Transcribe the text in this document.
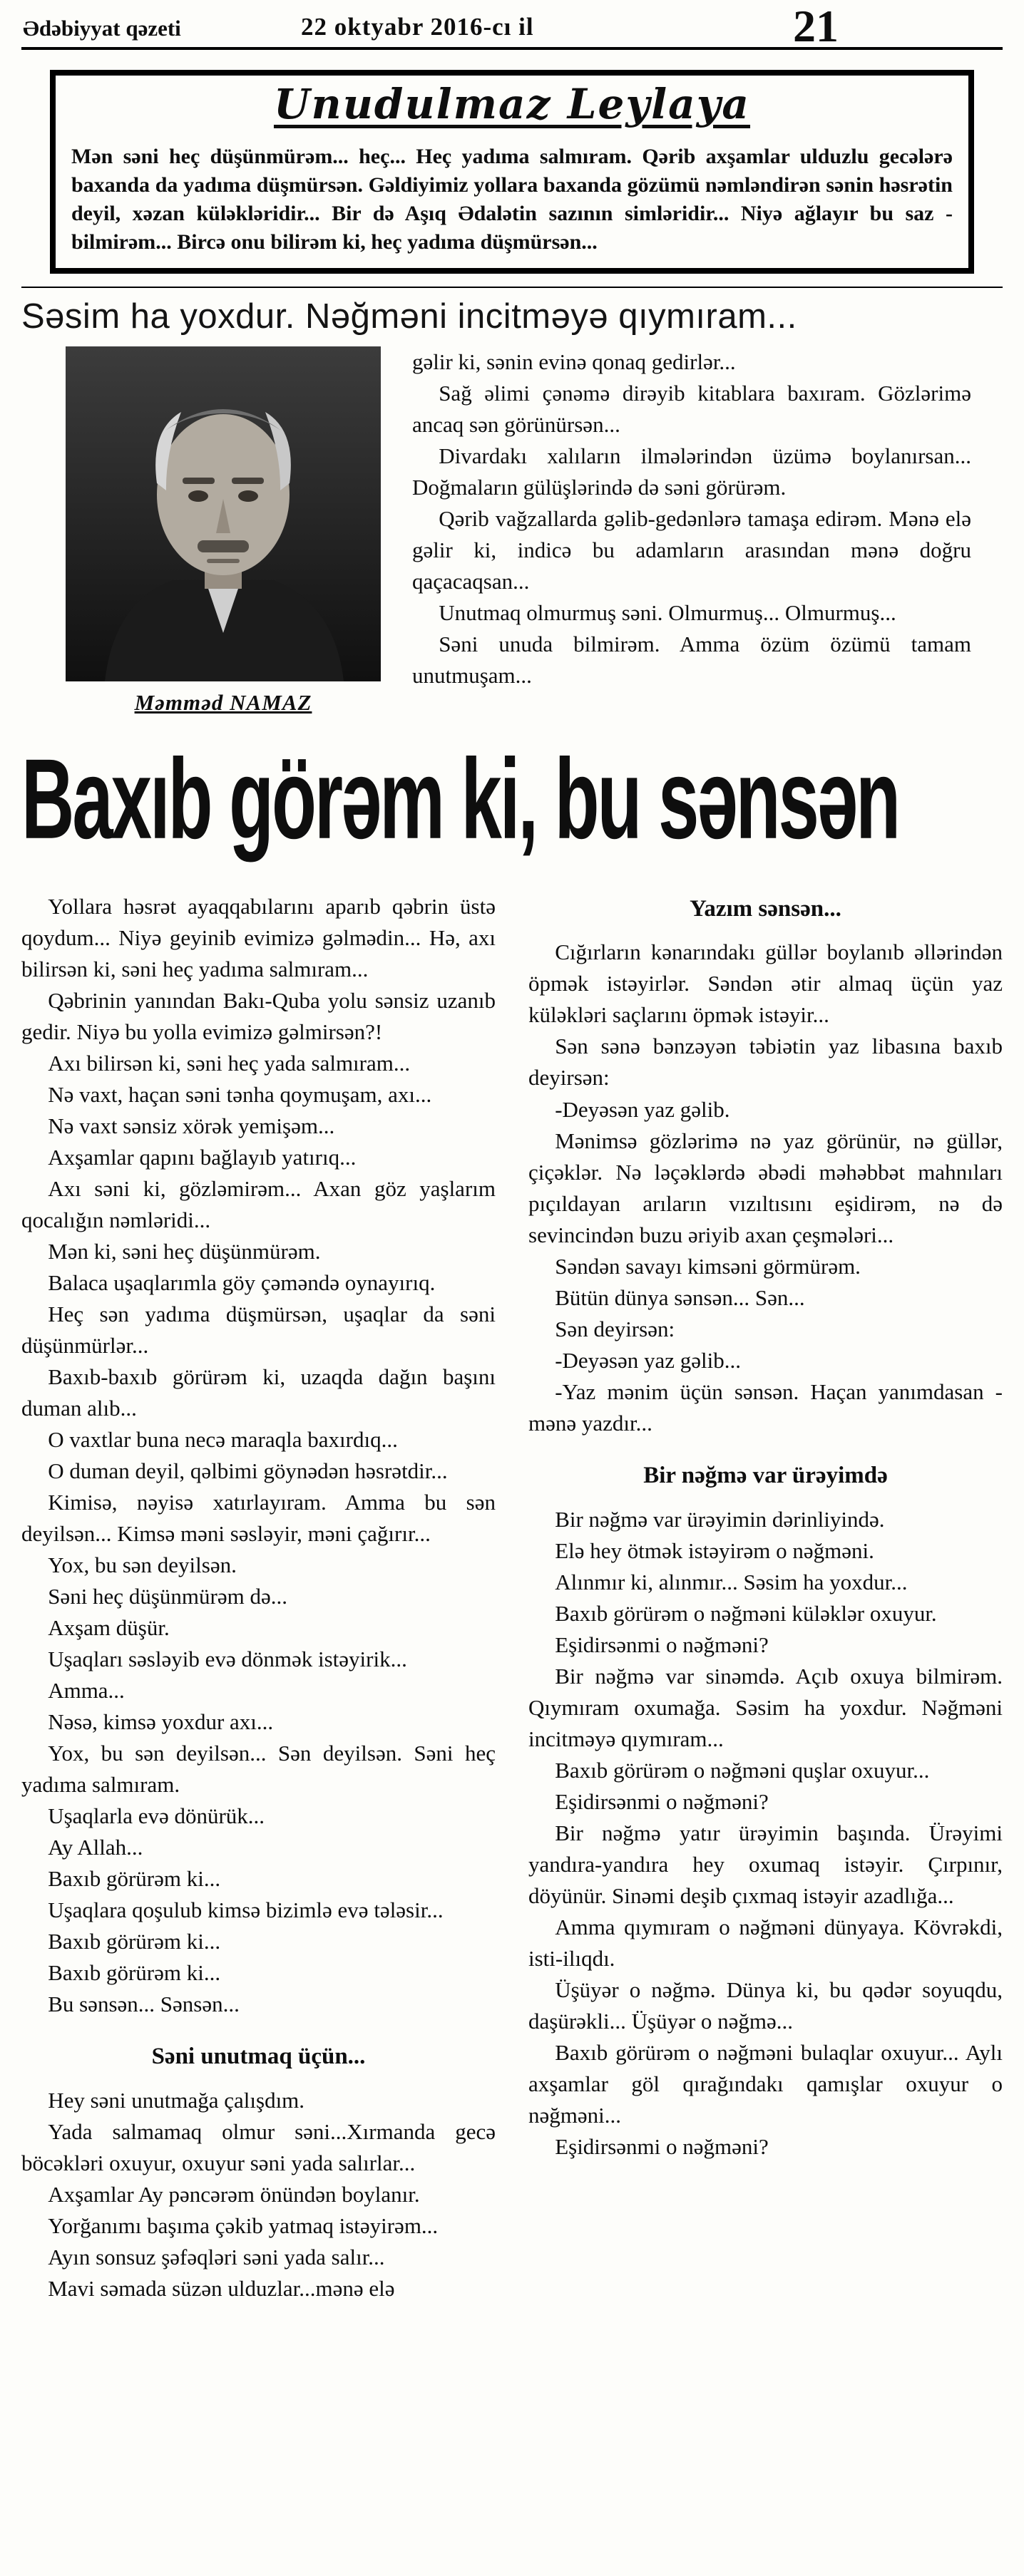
Ədəbiyyat qəzeti	22 oktyabr 2016-cı il	21
Unudulmaz Leylaya

Mən səni heç düşünmürəm... heç... Heç yadıma salmıram. Qərib axşamlar ulduzlu gecələrə baxanda da yadıma düşmürsən. Gəldiyimiz yollara baxanda gözümü nəmləndirən sənin həsrətin deyil, xəzan küləkləridir... Bir də Aşıq Ədalətin sazının simləridir... Niyə ağlayır bu saz - bilmirəm... Bircə onu bilirəm ki, heç yadıma düşmürsən...

Səsim ha yoxdur. Nəğməni incitməyə qıymıram...
Məmməd NAMAZ

gəlir ki, sənin evinə qonaq gedirlər...

Sağ əlimi çənəmə dirəyib kitablara baxıram. Gözlərimə ancaq sən görünürsən...

Divardakı xalıların ilmələrindən üzümə boylanırsan... Doğmaların gülüşlərində də səni görürəm.

Qərib vağzallarda gəlib-gedənlərə tamaşa edirəm. Mənə elə gəlir ki, indicə bu adamların arasından mənə doğru qaçacaqsan...

Unutmaq olmurmuş səni. Olmurmuş... Olmurmuş...

Səni unuda bilmirəm. Amma özüm özümü tamam unutmuşam...

Baxıb görəm ki, bu sənsən

Yollara həsrət ayaqqabılarını aparıb qəbrin üstə qoydum... Niyə geyinib evimizə gəlmədin... Hə, axı bilirsən ki, səni heç yadıma salmıram...

Qəbrinin yanından Bakı-Quba yolu sənsiz uzanıb gedir. Niyə bu yolla evimizə gəlmirsən?!

Axı bilirsən ki, səni heç yada salmıram...

Nə vaxt, haçan səni tənha qoymuşam, axı...

Nə vaxt sənsiz xörək yemişəm...

Axşamlar qapını bağlayıb yatırıq...

Axı səni ki, gözləmirəm... Axan göz yaşlarım qocalığın nəmləridi...

Mən ki, səni heç düşünmürəm.

Balaca uşaqlarımla göy çəməndə oynayırıq.

Heç sən yadıma düşmürsən, uşaqlar da səni düşünmürlər...

Baxıb-baxıb görürəm ki, uzaqda dağın başını duman alıb...

O vaxtlar buna necə maraqla baxırdıq...

O duman deyil, qəlbimi göynədən həsrətdir...

Kimisə, nəyisə xatırlayıram. Amma bu sən deyilsən... Kimsə məni səsləyir, məni çağırır...

Yox, bu sən deyilsən.

Səni heç düşünmürəm də...

Axşam düşür.

Uşaqları səsləyib evə dönmək istəyirik...

Amma...

Nəsə, kimsə yoxdur axı...

Yox, bu sən deyilsən... Sən deyilsən. Səni heç yadıma salmıram.

Uşaqlarla evə dönürük...

Ay Allah...

Baxıb görürəm ki...

Uşaqlara qoşulub kimsə bizimlə evə tələsir...

Baxıb görürəm ki...

Baxıb görürəm ki...

Bu sənsən... Sənsən...

Səni unutmaq üçün...

Hey səni unutmağa çalışdım.

Yada salmamaq olmur səni...Xırmanda gecə böcəkləri oxuyur, oxuyur səni yada salırlar...

Axşamlar Ay pəncərəm önündən boylanır.

Yorğanımı başıma çəkib yatmaq istəyirəm...

Ayın sonsuz şəfəqləri səni yada salır...

Mavi səmada süzən ulduzlar...mənə elə

Yazım sənsən...

Cığırların kənarındakı güllər boylanıb əllərindən öpmək istəyirlər. Səndən ətir almaq üçün yaz küləkləri saçlarını öpmək istəyir...

Sən sənə bənzəyən təbiətin yaz libasına baxıb deyirsən:

-Deyəsən yaz gəlib.

Mənimsə gözlərimə nə yaz görünür, nə güllər, çiçəklər. Nə ləçəklərdə əbədi məhəbbət mahnıları pıçıldayan arıların vızıltısını eşidirəm, nə də sevincindən buzu əriyib axan çeşmələri...

Səndən savayı kimsəni görmürəm.

Bütün dünya sənsən... Sən...

Sən deyirsən:

-Deyəsən yaz gəlib...

-Yaz mənim üçün sənsən. Haçan yanımdasan - mənə yazdır...

Bir nəğmə var ürəyimdə

Bir nəğmə var ürəyimin dərinliyində.

Elə hey ötmək istəyirəm o nəğməni.

Alınmır ki, alınmır... Səsim ha yoxdur...

Baxıb görürəm o nəğməni küləklər oxuyur.

Eşidirsənmi o nəğməni?

Bir nəğmə var sinəmdə. Açıb oxuya bilmirəm. Qıymıram oxumağa. Səsim ha yoxdur. Nəğməni incitməyə qıymıram...

Baxıb görürəm o nəğməni quşlar oxuyur...

Eşidirsənmi o nəğməni?

Bir nəğmə yatır ürəyimin başında. Ürəyimi yandıra-yandıra hey oxumaq istəyir. Çırpınır, döyünür. Sinəmi deşib çıxmaq istəyir azadlığa...

Amma qıymıram o nəğməni dünyaya. Kövrəkdi, isti-ilıqdı.

Üşüyər o nəğmə. Dünya ki, bu qədər soyuqdu, daşürəkli... Üşüyər o nəğmə...

Baxıb görürəm o nəğməni bulaqlar oxuyur... Aylı axşamlar göl qırağındakı qamışlar oxuyur o nəğməni...

Eşidirsənmi o nəğməni?
